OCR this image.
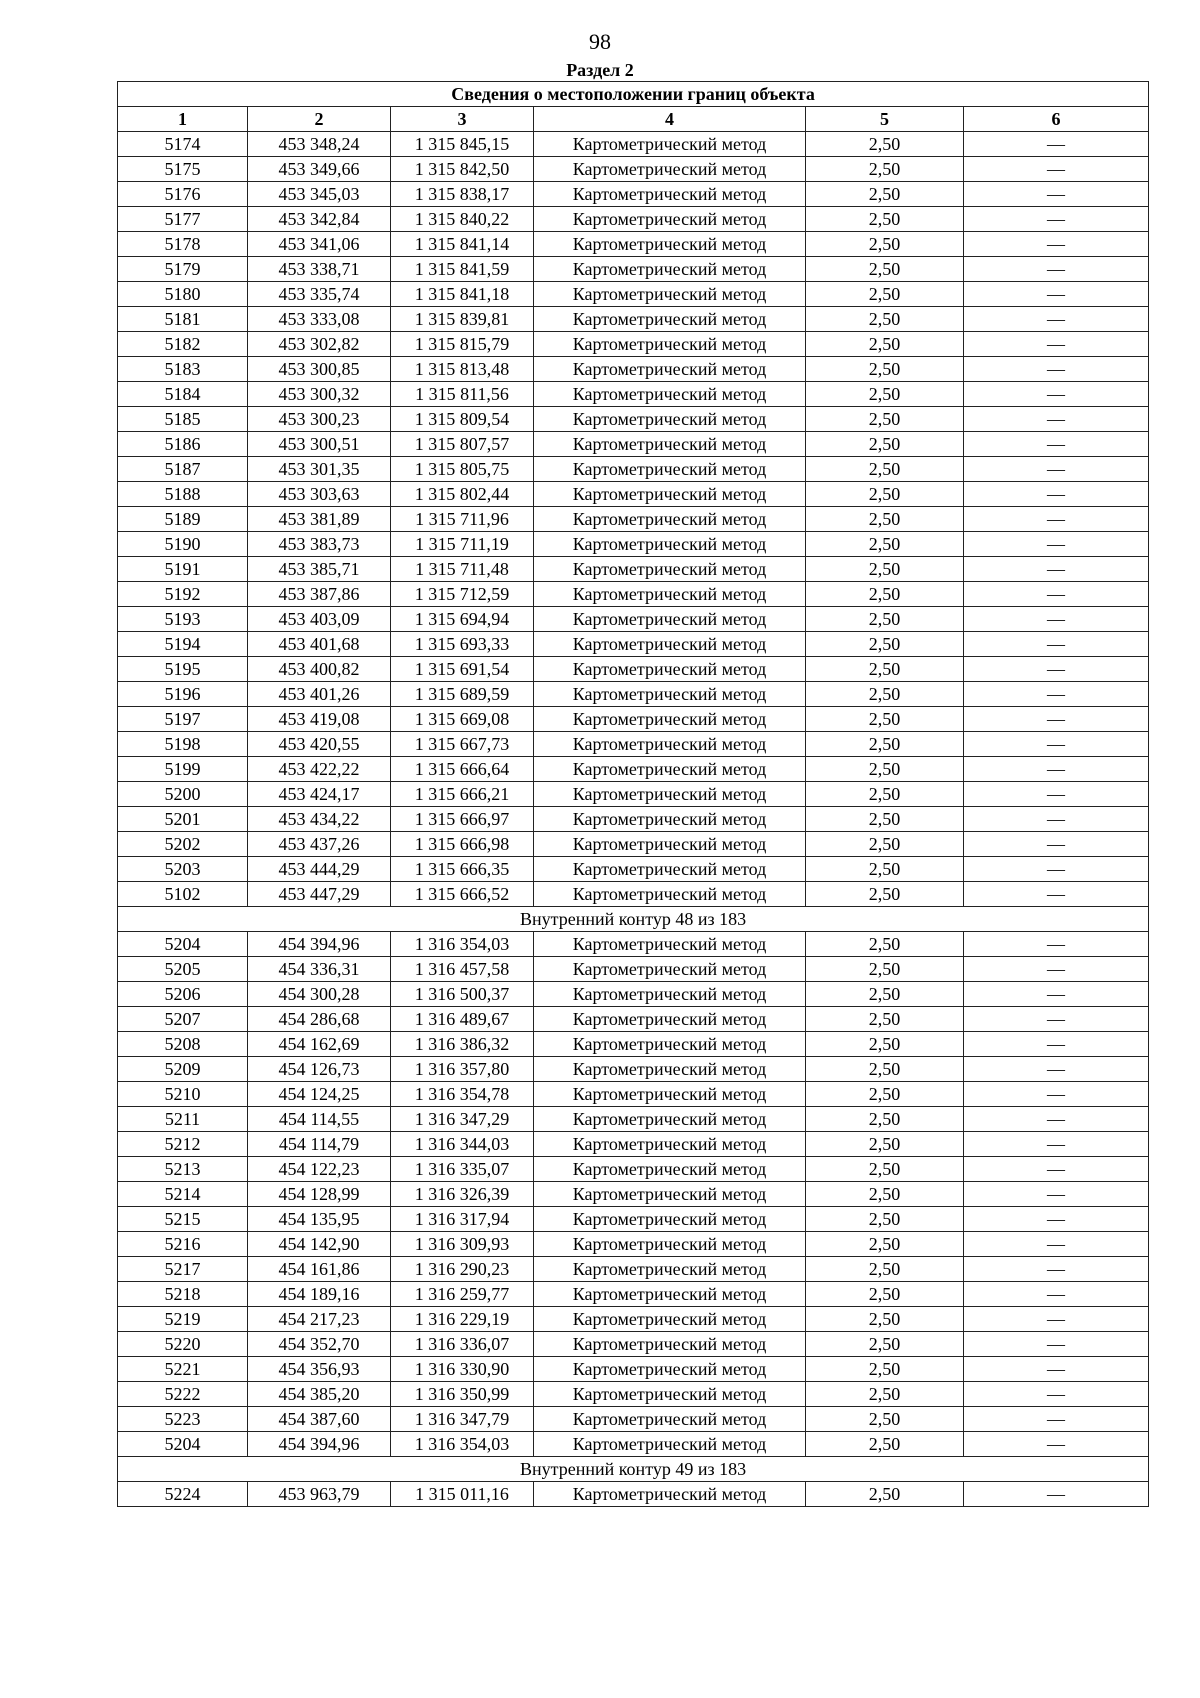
98
Раздел 2
Сведения о местоположении границ объекта					
1	2	3	4	5	6
5174	453 348,24	1 315 845,15	Картометрический метод	2,50	—
5175	453 349,66	1 315 842,50	Картометрический метод	2,50	—
5176	453 345,03	1 315 838,17	Картометрический метод	2,50	—
5177	453 342,84	1 315 840,22	Картометрический метод	2,50	—
5178	453 341,06	1 315 841,14	Картометрический метод	2,50	—
5179	453 338,71	1 315 841,59	Картометрический метод	2,50	—
5180	453 335,74	1 315 841,18	Картометрический метод	2,50	—
5181	453 333,08	1 315 839,81	Картометрический метод	2,50	—
5182	453 302,82	1 315 815,79	Картометрический метод	2,50	—
5183	453 300,85	1 315 813,48	Картометрический метод	2,50	—
5184	453 300,32	1 315 811,56	Картометрический метод	2,50	—
5185	453 300,23	1 315 809,54	Картометрический метод	2,50	—
5186	453 300,51	1 315 807,57	Картометрический метод	2,50	—
5187	453 301,35	1 315 805,75	Картометрический метод	2,50	—
5188	453 303,63	1 315 802,44	Картометрический метод	2,50	—
5189	453 381,89	1 315 711,96	Картометрический метод	2,50	—
5190	453 383,73	1 315 711,19	Картометрический метод	2,50	—
5191	453 385,71	1 315 711,48	Картометрический метод	2,50	—
5192	453 387,86	1 315 712,59	Картометрический метод	2,50	—
5193	453 403,09	1 315 694,94	Картометрический метод	2,50	—
5194	453 401,68	1 315 693,33	Картометрический метод	2,50	—
5195	453 400,82	1 315 691,54	Картометрический метод	2,50	—
5196	453 401,26	1 315 689,59	Картометрический метод	2,50	—
5197	453 419,08	1 315 669,08	Картометрический метод	2,50	—
5198	453 420,55	1 315 667,73	Картометрический метод	2,50	—
5199	453 422,22	1 315 666,64	Картометрический метод	2,50	—
5200	453 424,17	1 315 666,21	Картометрический метод	2,50	—
5201	453 434,22	1 315 666,97	Картометрический метод	2,50	—
5202	453 437,26	1 315 666,98	Картометрический метод	2,50	—
5203	453 444,29	1 315 666,35	Картометрический метод	2,50	—
5102	453 447,29	1 315 666,52	Картометрический метод	2,50	—
Внутренний контур 48 из 183					
5204	454 394,96	1 316 354,03	Картометрический метод	2,50	—
5205	454 336,31	1 316 457,58	Картометрический метод	2,50	—
5206	454 300,28	1 316 500,37	Картометрический метод	2,50	—
5207	454 286,68	1 316 489,67	Картометрический метод	2,50	—
5208	454 162,69	1 316 386,32	Картометрический метод	2,50	—
5209	454 126,73	1 316 357,80	Картометрический метод	2,50	—
5210	454 124,25	1 316 354,78	Картометрический метод	2,50	—
5211	454 114,55	1 316 347,29	Картометрический метод	2,50	—
5212	454 114,79	1 316 344,03	Картометрический метод	2,50	—
5213	454 122,23	1 316 335,07	Картометрический метод	2,50	—
5214	454 128,99	1 316 326,39	Картометрический метод	2,50	—
5215	454 135,95	1 316 317,94	Картометрический метод	2,50	—
5216	454 142,90	1 316 309,93	Картометрический метод	2,50	—
5217	454 161,86	1 316 290,23	Картометрический метод	2,50	—
5218	454 189,16	1 316 259,77	Картометрический метод	2,50	—
5219	454 217,23	1 316 229,19	Картометрический метод	2,50	—
5220	454 352,70	1 316 336,07	Картометрический метод	2,50	—
5221	454 356,93	1 316 330,90	Картометрический метод	2,50	—
5222	454 385,20	1 316 350,99	Картометрический метод	2,50	—
5223	454 387,60	1 316 347,79	Картометрический метод	2,50	—
5204	454 394,96	1 316 354,03	Картометрический метод	2,50	—
Внутренний контур 49 из 183					
5224	453 963,79	1 315 011,16	Картометрический метод	2,50	—
